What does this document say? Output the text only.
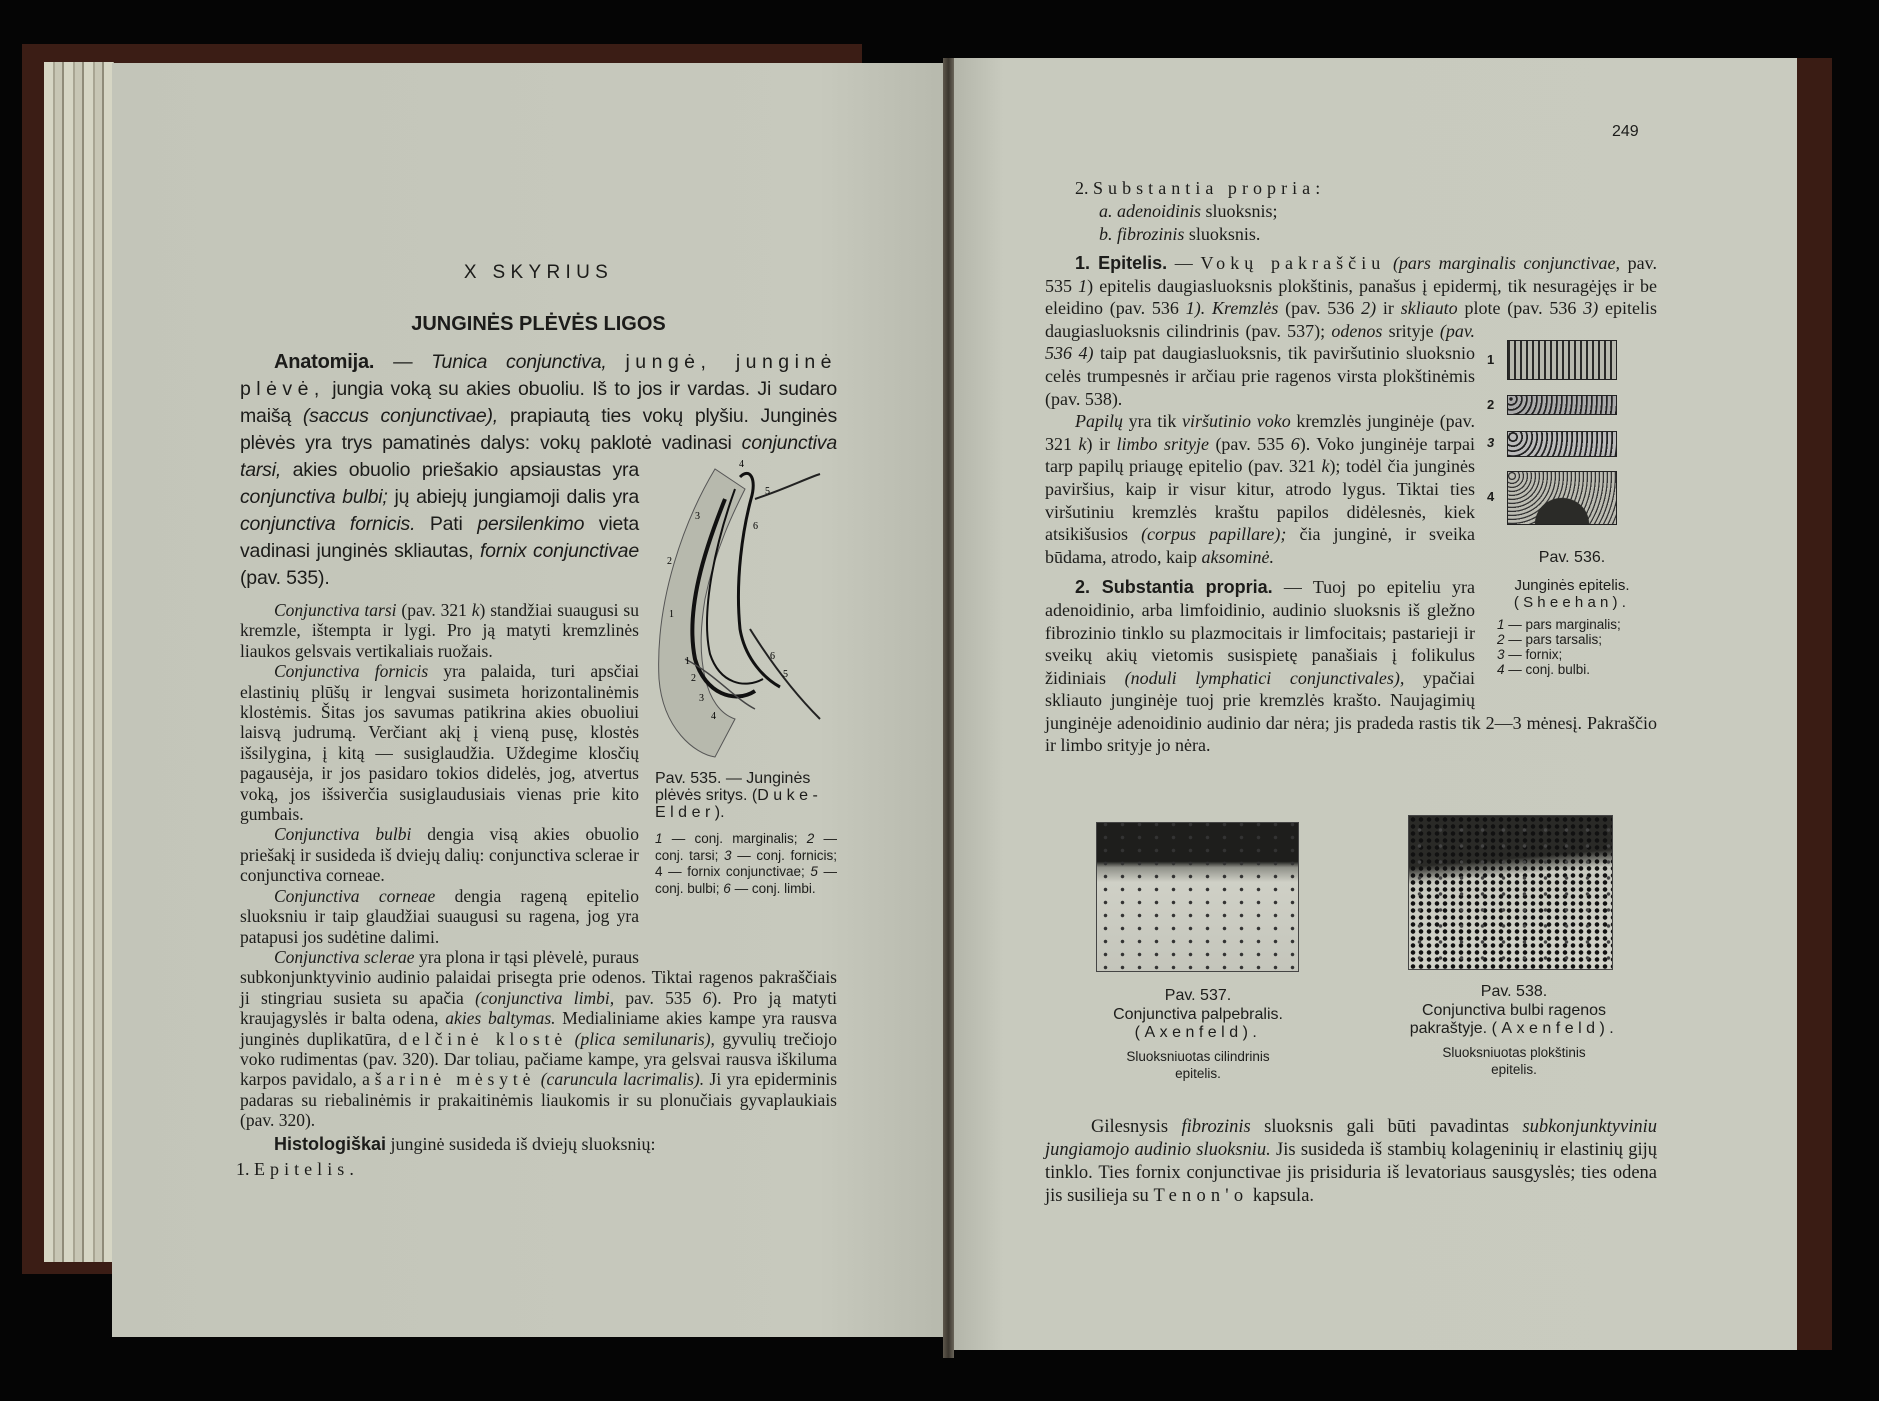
X SKYRIUS
JUNGINĖS PLĖVĖS LIGOS
4
5
3
6
2
1
6
1
2
3
4
5
Pav. 535. — Junginės plėvės sritys. (Duke-Elder).
1 — conj. marginalis; 2 — conj. tarsi; 3 — conj. fornicis; 4 — fornix conjunctivae; 5 — conj. bulbi; 6 — conj. limbi.

Anatomija. — Tunica conjunctiva, jungė, junginė plėvė, jungia voką su akies obuoliu. Iš to jos ir vardas. Ji sudaro maišą (saccus conjunctivae), prapiautą ties vokų plyšiu. Junginės plėvės yra trys pamatinės dalys: vokų paklotė vadinasi conjunctiva tarsi, akies obuolio priešakio apsiaustas yra conjunctiva bulbi; jų abiejų jungiamoji dalis yra conjunctiva fornicis. Pati persilenkimo vieta vadinasi junginės skliautas, fornix conjunctivae (pav. 535).

Conjunctiva tarsi (pav. 321 k) standžiai suaugusi su kremzle, ištempta ir lygi. Pro ją matyti kremzlinės liaukos gelsvais vertikaliais ruožais.

Conjunctiva fornicis yra palaida, turi apsčiai elastinių plūšų ir lengvai susimeta horizontalinėmis klostėmis. Šitas jos savumas patikrina akies obuoliui laisvą judrumą. Verčiant akį į vieną pusę, klostės išsilygina, į kitą — susiglaudžia. Uždegime klosčių pagausėja, ir jos pasidaro tokios didelės, jog, atvertus voką, jos išsiverčia susiglaudusiais vienas prie kito gumbais.

Conjunctiva bulbi dengia visą akies obuolio priešakį ir susideda iš dviejų dalių: conjunctiva sclerae ir conjunctiva corneae.

Conjunctiva corneae dengia rageną epitelio sluoksniu ir taip glaudžiai suaugusi su ragena, jog yra patapusi jos sudėtine dalimi.

Conjunctiva sclerae yra plona ir tąsi plėvelė, puraus subkonjunktyvinio audinio palaidai prisegta prie odenos. Tiktai ragenos pakraščiais ji stingriau susieta su apačia (conjunctiva limbi, pav. 535 6). Pro ją matyti kraujagyslės ir balta odena, akies baltymas. Medialiniame akies kampe yra rausva junginės duplikatūra, delčinė klostė (plica semilunaris), gyvulių trečiojo voko rudimentas (pav. 320). Dar toliau, pačiame kampe, yra gelsvai rausva iškiluma karpos pavidalo, ašarinė mėsytė (caruncula lacrimalis). Ji yra epiderminis padaras su riebalinėmis ir prakaitinėmis liaukomis ir su plonučiais gyvaplaukiais (pav. 320).

Histologiškai junginė susideda iš dviejų sluoksnių:

1. Epitelis.

249

2. Substantia propria:

a. adenoidinis sluoksnis;

b. fibrozinis sluoksnis.

1
2
3
4
Pav. 536.
Junginės epitelis.
(Sheehan).
1 — pars marginalis;
2 — pars tarsalis;
3 — fornix;
4 — conj. bulbi.

1. Epitelis. — Vokų pakraščiu (pars marginalis conjunctivae, pav. 535 1) epitelis daugiasluoksnis plokštinis, panašus į epidermį, tik nesuragėjęs ir be eleidino (pav. 536 1). Kremzlės (pav. 536 2) ir skliauto plote (pav. 536 3) epitelis daugiasluoksnis cilindrinis (pav. 537); odenos srityje (pav. 536 4) taip pat daugiasluoksnis, tik paviršutinio sluoksnio celės trumpesnės ir arčiau prie ragenos virsta plokštinėmis (pav. 538).

Papilų yra tik viršutinio voko kremzlės junginėje (pav. 321 k) ir limbo srityje (pav. 535 6). Voko junginėje tarpai tarp papilų priaugę epitelio (pav. 321 k); todėl čia junginės paviršius, kaip ir visur kitur, atrodo lygus. Tiktai ties viršutiniu kremzlės kraštu papilos didėlesnės, kiek atsikišusios (corpus papillare); čia junginė, ir sveika būdama, atrodo, kaip aksominė.

2. Substantia propria. — Tuoj po epiteliu yra adenoidinio, arba limfoidinio, audinio sluoksnis iš gležno fibrozinio tinklo su plazmocitais ir limfocitais; pastarieji ir sveikų akių vietomis susispietę panašiais į folikulus židiniais (noduli lymphatici conjunctivales), ypačiai skliauto junginėje tuoj prie kremzlės krašto. Naujagimių junginėje adenoidinio audinio dar nėra; jis pradeda rastis tik 2—3 mėnesį. Pakraščio ir limbo srityje jo nėra.

Pav. 537.
Conjunctiva palpebralis.
(Axenfeld).
Sluoksniuotas cilindrinis epitelis.
Pav. 538.
Conjunctiva bulbi ragenos pakraštyje. (Axenfeld).
Sluoksniuotas plokštinis epitelis.

Gilesnysis fibrozinis sluoksnis gali būti pavadintas subkonjunktyviniu jungiamojo audinio sluoksniu. Jis susideda iš stambių kolageninių ir elastinių gijų tinklo. Ties fornix conjunctivae jis prisiduria iš levatoriaus sausgyslės; ties odena jis susilieja su Tenon'o kapsula.
